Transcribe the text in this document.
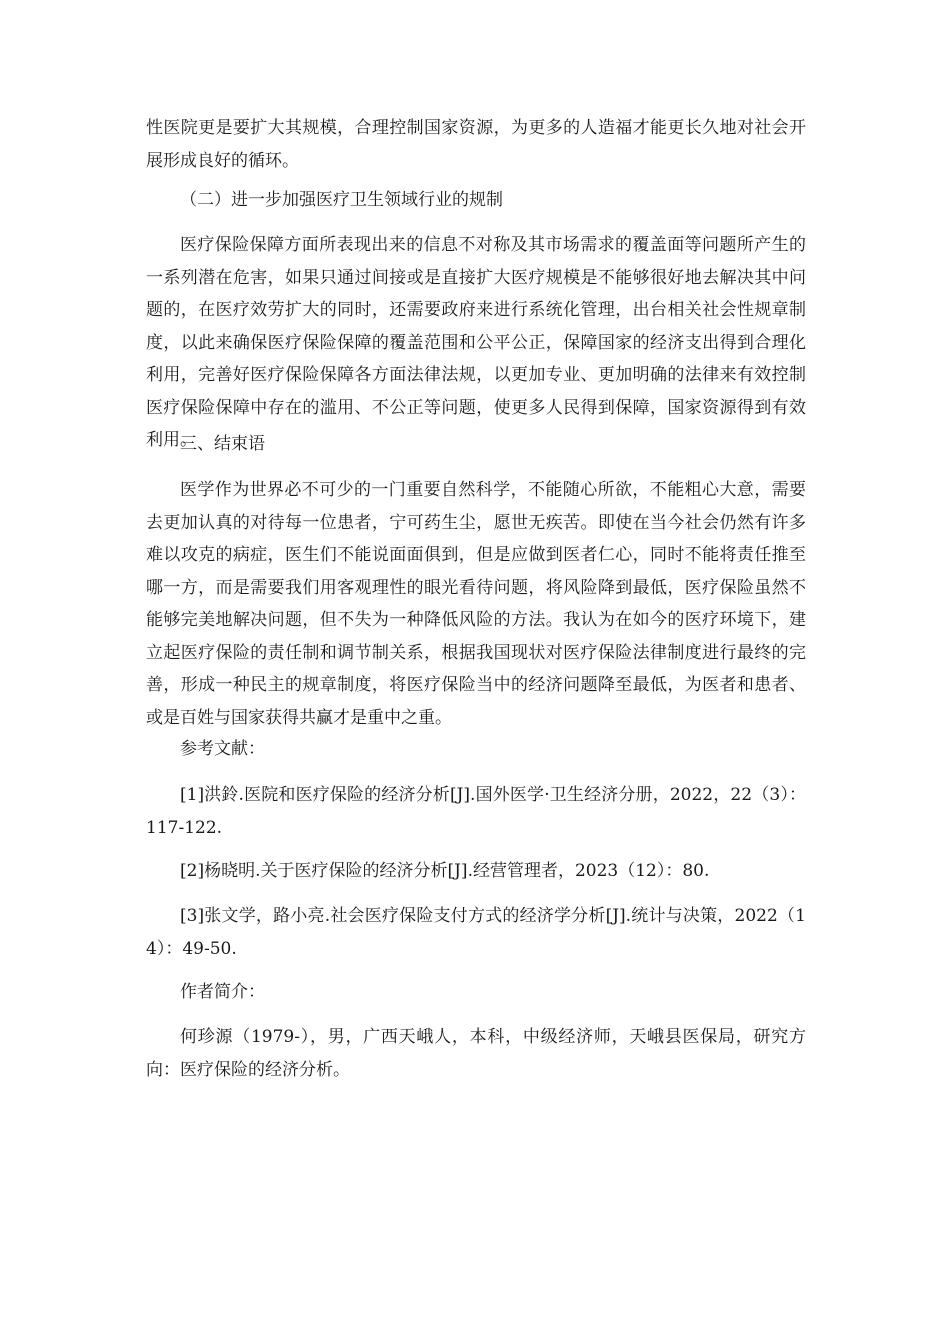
性医院更是要扩大其规模，合理控制国家资源，为更多的人造福才能更长久地对社会开展形成良好的循环。

（二）进一步加强医疗卫生领域行业的规制

医疗保险保障方面所表现出来的信息不对称及其市场需求的覆盖面等问题所产生的一系列潜在危害，如果只通过间接或是直接扩大医疗规模是不能够很好地去解决其中问题的，在医疗效劳扩大的同时，还需要政府来进行系统化管理，出台相关社会性规章制度，以此来确保医疗保险保障的覆盖范围和公平公正，保障国家的经济支出得到合理化利用，完善好医疗保险保障各方面法律法规，以更加专业、更加明确的法律来有效控制医疗保险保障中存在的滥用、不公正等问题，使更多人民得到保障，国家资源得到有效利用。

三、结束语

医学作为世界必不可少的一门重要自然科学，不能随心所欲，不能粗心大意，需要去更加认真的对待每一位患者，宁可药生尘，愿世无疾苦。即使在当今社会仍然有许多难以攻克的病症，医生们不能说面面俱到，但是应做到医者仁心，同时不能将责任推至哪一方，而是需要我们用客观理性的眼光看待问题，将风险降到最低，医疗保险虽然不能够完美地解决问题，但不失为一种降低风险的方法。我认为在如今的医疗环境下，建立起医疗保险的责任制和调节制关系，根据我国现状对医疗保险法律制度进行最终的完善，形成一种民主的规章制度，将医疗保险当中的经济问题降至最低，为医者和患者、或是百姓与国家获得共赢才是重中之重。

参考文献：

[1]洪鈴.医院和医疗保险的经济分析[J].国外医学·卫生经济分册，2022，22（3）：117-122.

[2]杨晓明.关于医疗保险的经济分析[J].经营管理者，2023（12）：80.

[3]张文学，路小亮.社会医疗保险支付方式的经济学分析[J].统计与决策，2022（14）：49-50.

作者简介：

何珍源（1979-），男，广西天峨人，本科，中级经济师，天峨县医保局，研究方向：医疗保险的经济分析。
